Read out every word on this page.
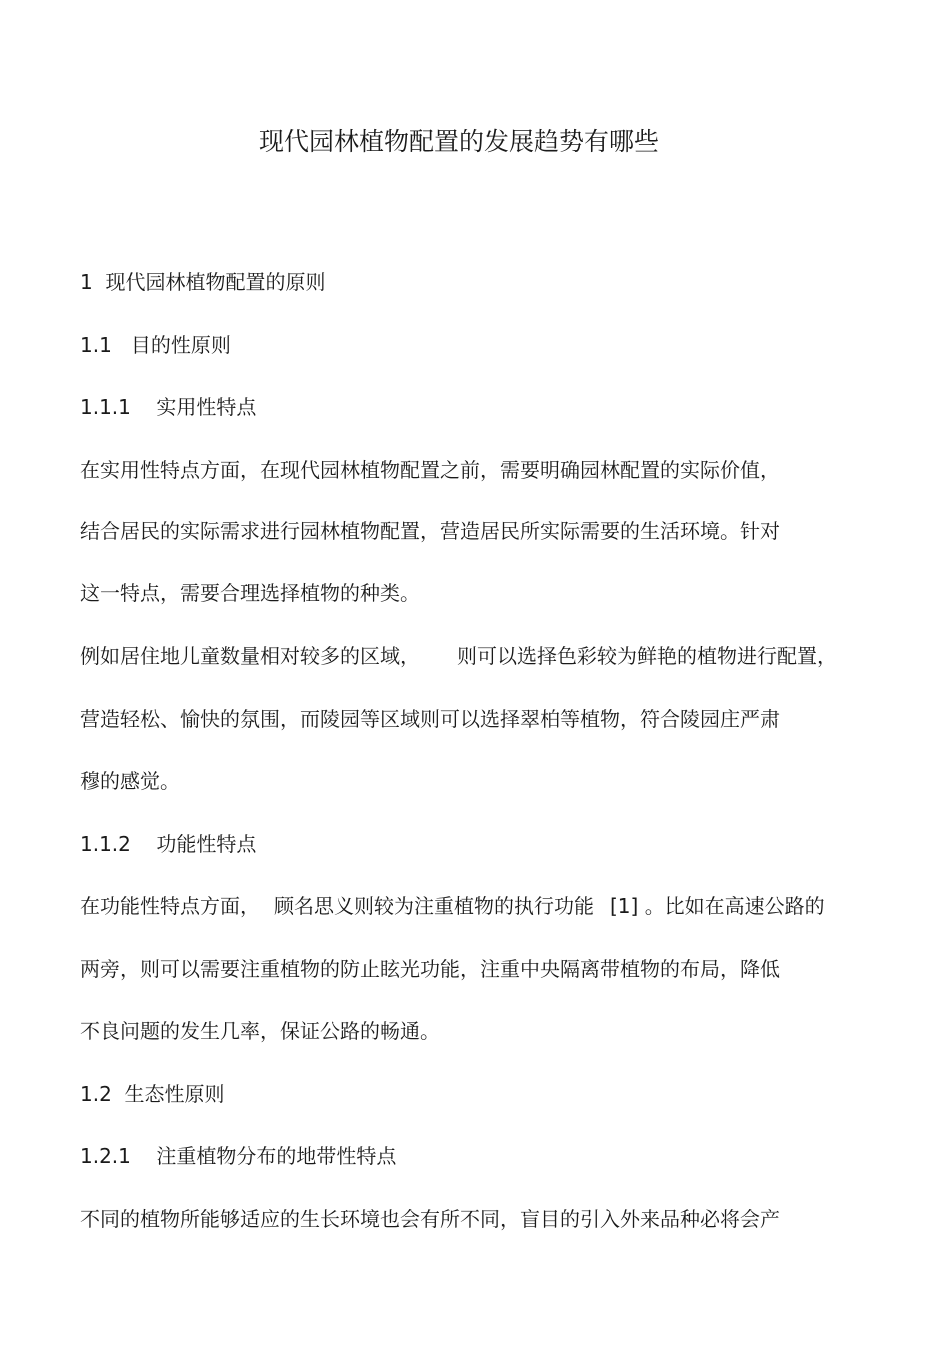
现代园林植物配置的发展趋势有哪些
1  现代园林植物配置的原则
1.1   目的性原则
1.1.1    实用性特点
在实用性特点方面，在现代园林植物配置之前，需要明确园林配置的实际价值，
结合居民的实际需求进行园林植物配置，营造居民所实际需要的生活环境。针对
这一特点，需要合理选择植物的种类。
例如居住地儿童数量相对较多的区域， 则可以选择色彩较为鲜艳的植物进行配置，
营造轻松、愉快的氛围，而陵园等区域则可以选择翠柏等植物，符合陵园庄严肃
穆的感觉。
1.1.2    功能性特点
在功能性特点方面， 顾名思义则较为注重植物的执行功能 [1] 。比如在高速公路的
两旁，则可以需要注重植物的防止眩光功能，注重中央隔离带植物的布局，降低
不良问题的发生几率，保证公路的畅通。
1.2  生态性原则
1.2.1    注重植物分布的地带性特点
不同的植物所能够适应的生长环境也会有所不同，盲目的引入外来品种必将会产
